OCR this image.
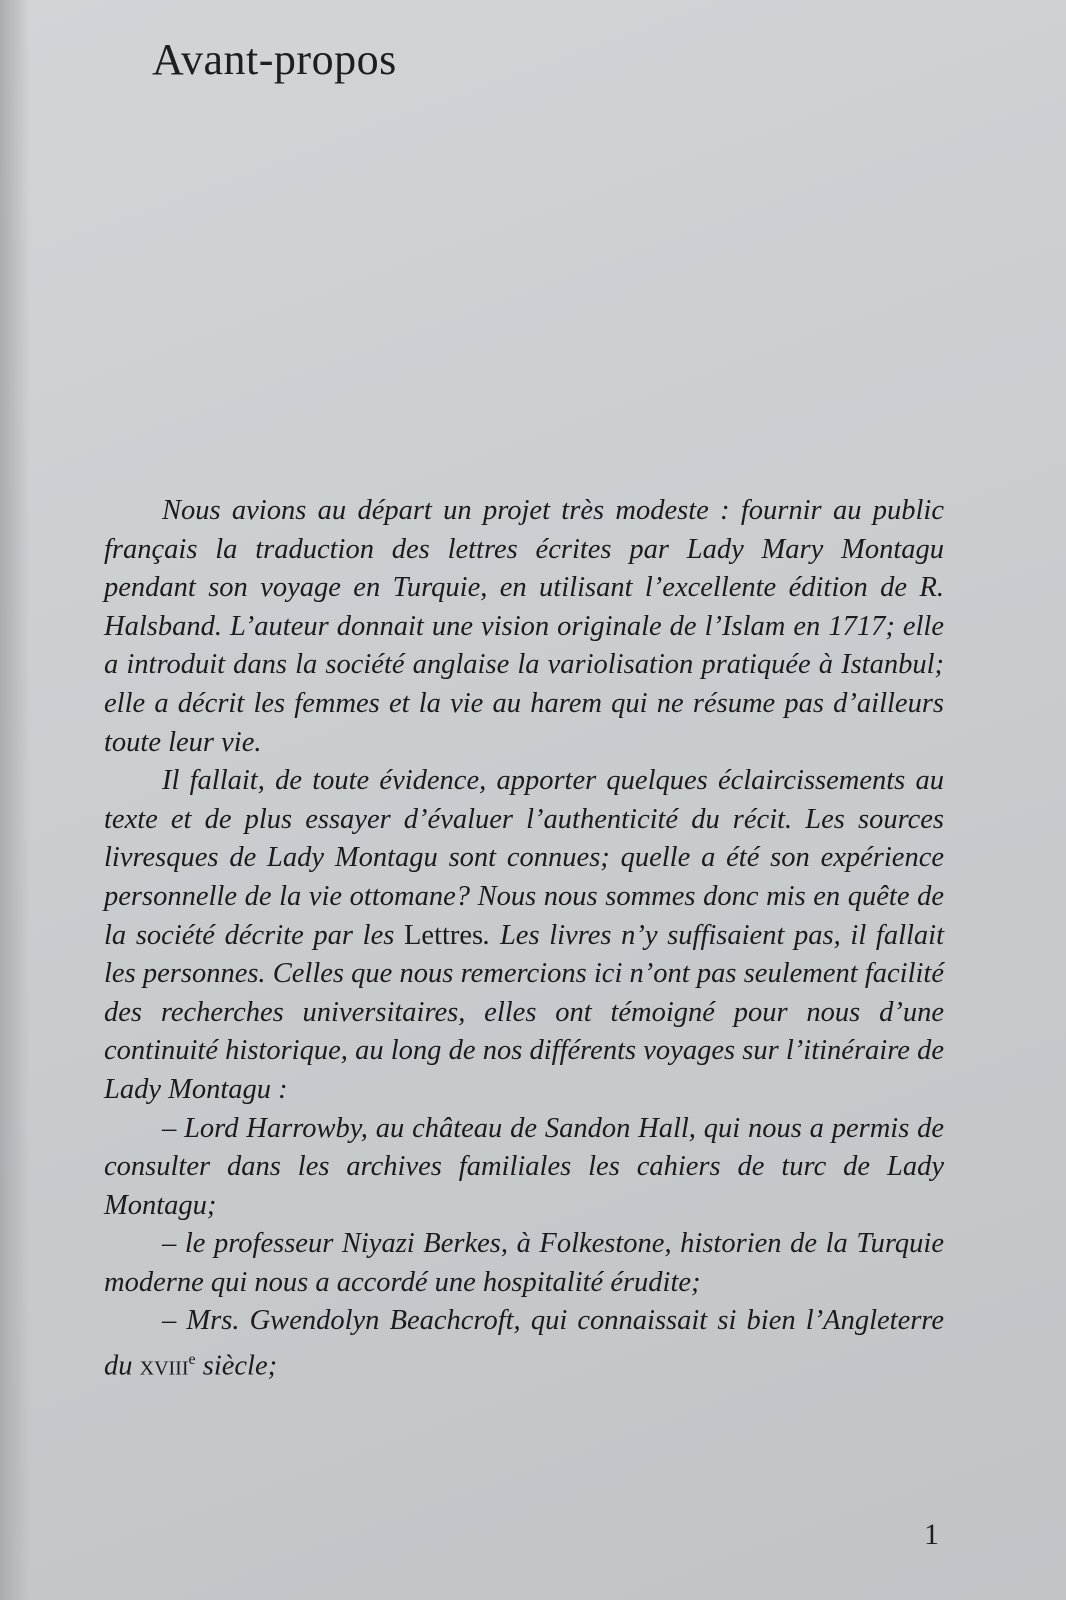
Avant-propos

Nous avions au départ un projet très modeste : fournir au public français la traduction des lettres écrites par Lady Mary Montagu pendant son voyage en Turquie, en utilisant l’excellente édition de R. Halsband. L’auteur donnait une vision originale de l’Islam en 1717; elle a introduit dans la société anglaise la variolisation pratiquée à Istanbul; elle a décrit les femmes et la vie au harem qui ne résume pas d’ailleurs toute leur vie.

Il fallait, de toute évidence, apporter quelques éclaircissements au texte et de plus essayer d’évaluer l’authenticité du récit. Les sources livresques de Lady Montagu sont connues; quelle a été son expérience personnelle de la vie ottomane? Nous nous sommes donc mis en quête de la société décrite par les Lettres. Les livres n’y suffisaient pas, il fallait les personnes. Celles que nous remercions ici n’ont pas seulement facilité des recherches universitaires, elles ont témoigné pour nous d’une continuité historique, au long de nos différents voyages sur l’itinéraire de Lady Montagu :

– Lord Harrowby, au château de Sandon Hall, qui nous a permis de consulter dans les archives familiales les cahiers de turc de Lady Montagu;

– le professeur Niyazi Berkes, à Folkestone, historien de la Turquie moderne qui nous a accordé une hospitalité érudite;

– Mrs. Gwendolyn Beachcroft, qui connaissait si bien l’Angleterre du xviii$^e$ siècle;

1
